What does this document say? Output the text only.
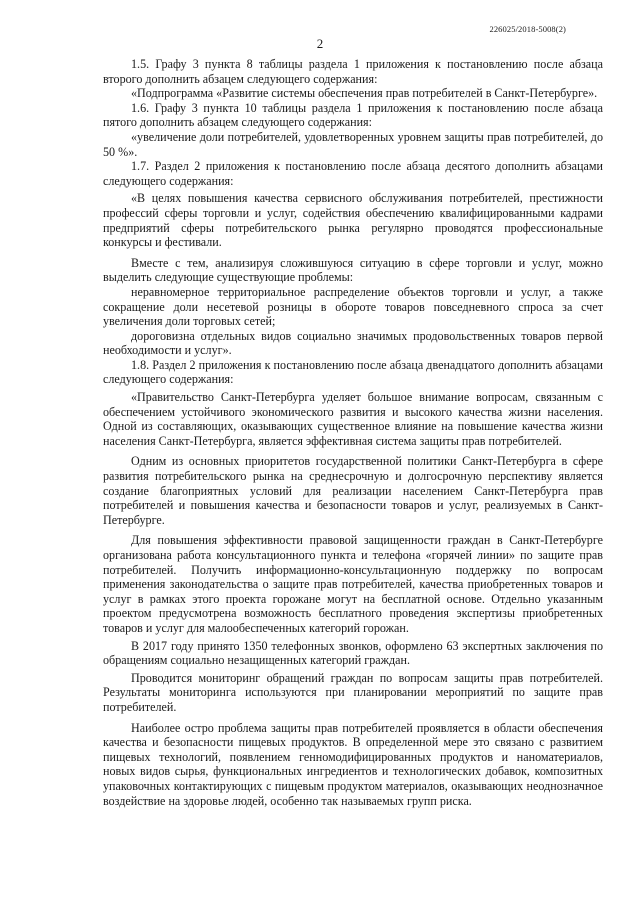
226025/2018-5008(2)
2

1.5. Графу 3 пункта 8 таблицы раздела 1 приложения к постановлению после абзаца второго дополнить абзацем следующего содержания:

«Подпрограмма «Развитие системы обеспечения прав потребителей в Санкт-Петербурге».

1.6. Графу 3 пункта 10 таблицы раздела 1 приложения к постановлению после абзаца пятого дополнить абзацем следующего содержания:

«увеличение доли потребителей, удовлетворенных уровнем защиты прав потребителей, до 50 %».

1.7. Раздел 2 приложения к постановлению после абзаца десятого дополнить абзацами следующего содержания:

«В целях повышения качества сервисного обслуживания потребителей, престижности профессий сферы торговли и услуг, содействия обеспечению квалифицированными кадрами предприятий сферы потребительского рынка регулярно проводятся профессиональные конкурсы и фестивали.

Вместе с тем, анализируя сложившуюся ситуацию в сфере торговли и услуг, можно выделить следующие существующие проблемы:

неравномерное территориальное распределение объектов торговли и услуг, а также сокращение доли несетевой розницы в обороте товаров повседневного спроса за счет увеличения доли торговых сетей;

дороговизна отдельных видов социально значимых продовольственных товаров первой необходимости и услуг».

1.8. Раздел 2 приложения к постановлению после абзаца двенадцатого дополнить абзацами следующего содержания:

«Правительство Санкт-Петербурга уделяет большое внимание вопросам, связанным с обеспечением устойчивого экономического развития и высокого качества жизни населения. Одной из составляющих, оказывающих существенное влияние на повышение качества жизни населения Санкт-Петербурга, является эффективная система защиты прав потребителей.

Одним из основных приоритетов государственной политики Санкт-Петербурга в сфере развития потребительского рынка на среднесрочную и долгосрочную перспективу является создание благоприятных условий для реализации населением Санкт-Петербурга прав потребителей и повышения качества и безопасности товаров и услуг, реализуемых в Санкт-Петербурге.

Для повышения эффективности правовой защищенности граждан в Санкт-Петербурге организована работа консультационного пункта и телефона «горячей линии» по защите прав потребителей. Получить информационно-консультационную поддержку по вопросам применения законодательства о защите прав потребителей, качества приобретенных товаров и услуг в рамках этого проекта горожане могут на бесплатной основе. Отдельно указанным проектом предусмотрена возможность бесплатного проведения экспертизы приобретенных товаров и услуг для малообеспеченных категорий горожан.

В 2017 году принято 1350 телефонных звонков, оформлено 63 экспертных заключения по обращениям социально незащищенных категорий граждан.

Проводится мониторинг обращений граждан по вопросам защиты прав потребителей. Результаты мониторинга используются при планировании мероприятий по защите прав потребителей.

Наиболее остро проблема защиты прав потребителей проявляется в области обеспечения качества и безопасности пищевых продуктов. В определенной мере это связано с развитием пищевых технологий, появлением генномодифицированных продуктов и наноматериалов, новых видов сырья, функциональных ингредиентов и технологических добавок, композитных упаковочных контактирующих с пищевым продуктом материалов, оказывающих неоднозначное воздействие на здоровье людей, особенно так называемых групп риска.
